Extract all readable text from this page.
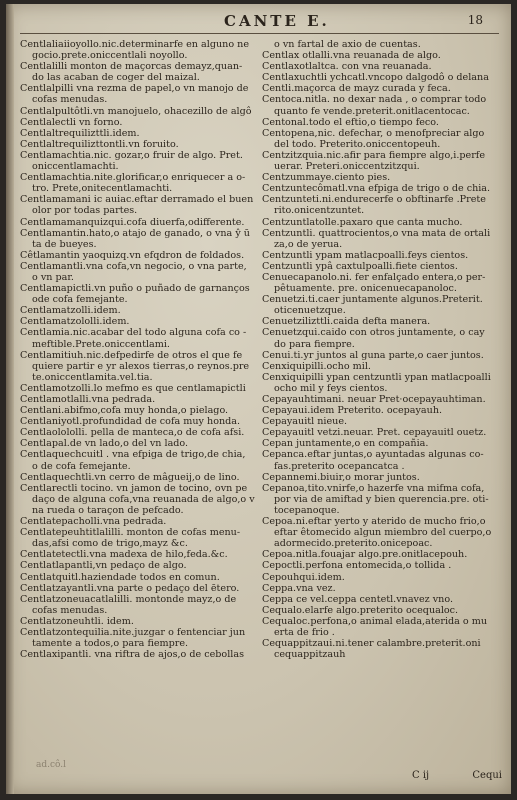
CANTE E.	18
Centlaliaiioyollo.nic.determinarfe en alguno ne
gocio.prete.oniccentlali noyollo.
Centlalilli monton de maçorcas demayz,quan-
do las acaban de coger del maizal.
Centlalpilli vna rezma de papel,o vn manojo de
cofas menudas.
Centlalpultôtli.vn manojuelo, ohacezillo de algô
Centlalectli vn forno.
Centlaltrequilizttli.idem.
Centlaltrequilizttontli.vn foruito.
Centlamachtia.nic. gozar,o fruir de algo. Pret.
oniccentlamachti.
Centlamachtia.nite.glorificar,o enriquecer a o-
tro. Prete,onitecentlamachti.
Centlamamani ic auiac.eftar derramado el buen
olor por todas partes.
Centlamamanquizqui.cofa diuerfa,odifferente.
Centlamantin.hato,o atajo de ganado, o vna ŷ ū
ta de bueyes.
Cêtlamantin yaoquizq.vn efqdron de foldados.
Centlamantli.vna cofa,vn negocio, o vna parte,
o vn par.
Centlamapictli.vn puño o puñado de garnanços
ode cofa femejante.
Centlamatzolli.idem.
Centlamatzololli.idem.
Centlamia.nic.acabar del todo alguna cofa co -
meftible.Prete.oniccentlami.
Centlamitiuh.nic.defpedirfe de otros el que fe
quiere partir e yr alexos tierras,o reynos.pre
te.oniccentlamita.vel.tia.
Centlamotzolli.lo mefmo es que centlamapictli
Centlamotlalli.vna pedrada.
Centlani.abifmo,cofa muy honda,o pielago.
Centlaniyotl.profundidad de cofa muy honda.
Centlaolololli. pella de manteca,o de cofa afsi.
Centlapal.de vn lado,o del vn lado.
Centlaquechcuitl . vna efpiga de trigo,de chia,
o de cofa femejante.
Centlaquechtli.vn cerro de mâgueij,o de lino.
Centlarectli tocino. vn jamon de tocino, ovn pe
daço de alguna cofa,vna reuanada de algo,o v
na rueda o taraçon de pefcado.
Centlatepacholli.vna pedrada.
Centlatepeuhtitlalilli. monton de cofas menu-
das,afsi como de trigo,mayz &c.
Centlatetectli.vna madexa de hilo,feda.&c.
Centlatlapantli,vn pedaço de algo.
Centlatquitl.haziendade todos en comun.
Centlatzayantli.vna parte o pedaço del ētero.
Centlatzoneuacatlalilli. montonde mayz,o de
cofas menudas.
Centlatzoneuhtli. idem.
Centlatzontequilia.nite.juzgar o fentenciar jun
tamente a todos,o para fiempre.
Centlaxipantli. vna riftra de ajos,o de cebollas
o vn fartal de axio de cuentas.
Centlax otlalli.vna reuanada de algo.
Centlaxotlaltca. con vna reuanada.
Centlaxuchtli ychcatl.vncopo dalgodô o delana
Centli.maçorca de mayz curada y feca.
Centoca.nitla. no dexar nada , o comprar todo
quanto fe vende.preterit.onitlacentocac.
Centonal.todo el eftio,o tiempo feco.
Centopena,nic. defechar, o menofpreciar algo
del todo. Preterito.oniccentopeuh.
Centzitzquia.nic.afir para fiempre algo,i.perfe
uerar. Preteri.oniccentzitzqui.
Centzummaye.ciento pies.
Centzuntecômatl.vna efpiga de trigo o de chia.
Centzunteti.ni.endurecerfe o obftinarfe .Prete
rito.onicentzuntet.
Centzuntlatolle.paxaro que canta mucho.
Centzuntli. quattrocientos,o vna mata de ortali
za,o de yerua.
Centzuntli ypam matlacpoalli.feys cientos.
Centzuntli ypâ caxtulpoalli.fiete cientos.
Cenuecapanolo.ni. fer enfalçado entera,o per-
pêtuamente. pre. onicenuecapanoloc.
Cenuetzi.ti.caer juntamente algunos.Preterit.
oticenuetzque.
Cenuetzilizttli.caida defta manera.
Cenuetzqui.caido con otros juntamente, o cay
do para fiempre.
Cenui.ti.yr juntos al guna parte,o caer juntos.
Cenxiquipilli.ocho mil.
Cenxiquipilli ypan centzuntli ypan matlacpoalli
ocho mil y feys cientos.
Cepayauhtimani. neuar Pret·ocepayauhtiman.
Cepayaui.idem Preterito. ocepayauh.
Cepayauitl nieue.
Cepayauitl vetzi.neuar. Pret. cepayauitl ouetz.
Cepan juntamente,o en compañia.
Cepanca.eftar juntas,o ayuntadas algunas co-
fas.preterito ocepancatca .
Cepannemi.biuir,o morar juntos.
Cepanoa,tito.vnirfe,o hazerfe vna mifma cofa,
por via de amiftad y bien querencia.pre. oti-
tocepanoque.
Cepoa.ni.eftar yerto y aterido de mucho frio,o
eftar êtomecido algun miembro del cuerpo,o
adormecido.preterito.onicepoac.
Cepoa.nitla.fouajar algo.pre.onitlacepouh.
Cepoctli.perfona entomecida,o tollida .
Cepouhqui.idem.
Ceppa.vna vez.
Ceppa ce vel.ceppa centetl.vnavez vno.
Cequalo.elarfe algo.preterito ocequaloc.
Cequaloc.perfona,o animal elada,aterida o mu
erta de frio .
Cequappitzaui.ni.tener calambre.preterit.oni
cequappitzauh
ad.cô.l
C ij	Cequi
